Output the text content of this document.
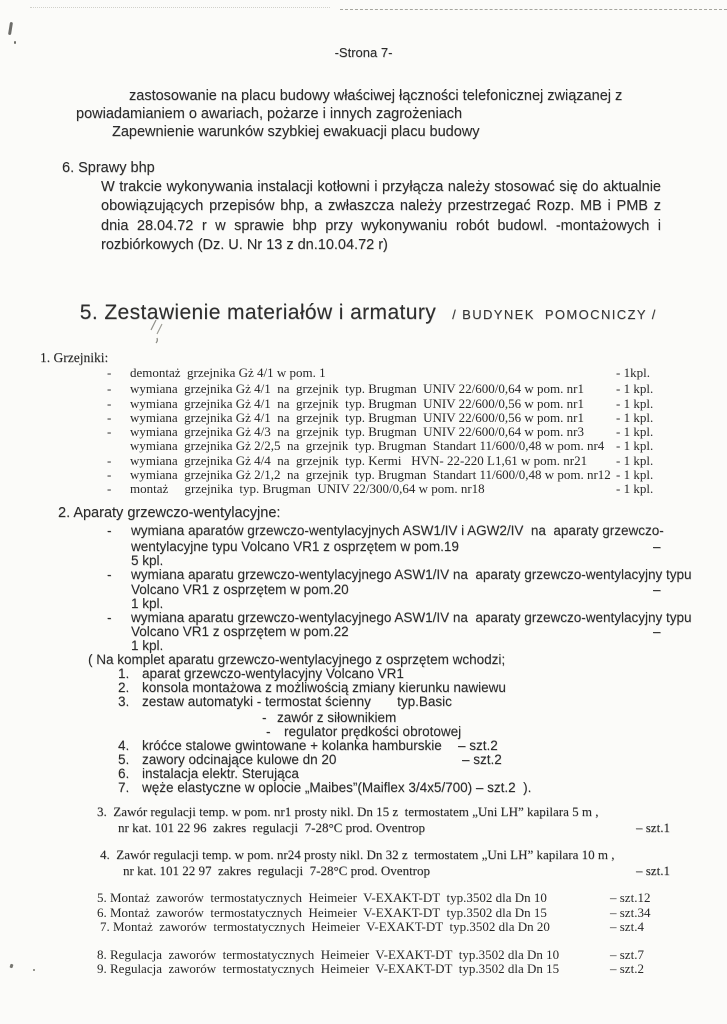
-Strona 7-
zastosowanie na placu budowy właściwej łączności telefonicznej związanej z
powiadamianiem o awariach, pożarze i innych zagrożeniach
Zapewnienie warunków szybkiej ewakuacji placu budowy
6. Sprawy bhp
W trakcie wykonywania instalacji kotłowni i przyłącza należy stosować się do aktualnie obowiązujących przepisów bhp, a zwłaszcza należy przestrzegać Rozp. MB i PMB z dnia 28.04.72 r w sprawie bhp przy wykonywaniu robót budowl. -montażowych i rozbiórkowych (Dz. U. Nr 13 z dn.10.04.72 r)

5. Zestawienie materiałów i armatury / BUDYNEK  POMOCNICZY /

1. Grzejniki:
- demontaż  grzejnika Gż 4/1 w pom. 1	- 1kpl.
- wymiana  grzejnika Gż 4/1  na  grzejnik  typ. Brugman  UNIV 22/600/0,64 w pom. nr1 - 1 kpl.
- wymiana  grzejnika Gż 4/1  na  grzejnik  typ. Brugman  UNIV 22/600/0,56 w pom. nr1 - 1 kpl.
- wymiana  grzejnika Gż 4/1  na  grzejnik  typ. Brugman  UNIV 22/600/0,56 w pom. nr1 - 1 kpl.
- wymiana  grzejnika Gż 4/3  na  grzejnik  typ. Brugman  UNIV 22/600/0,64 w pom. nr3 - 1 kpl.
wymiana  grzejnika Gż 2/2,5  na  grzejnik  typ. Brugman  Standart 11/600/0,48 w pom. nr4 - 1 kpl.
- wymiana  grzejnika Gż 4/4  na  grzejnik  typ. Kermi   HVN- 22-220 L1,61 w pom. nr21 - 1 kpl.
- wymiana  grzejnika Gż 2/1,2  na  grzejnik  typ. Brugman  Standart 11/600/0,48 w pom. nr12 - 1 kpl.
- montaż     grzejnika  typ. Brugman  UNIV 22/300/0,64 w pom. nr18	- 1 kpl.
2. Aparaty grzewczo-wentylacyjne:
- wymiana aparatów grzewczo-wentylacyjnych ASW1/IV i AGW2/IV  na  aparaty grzewczo-
wentylacyjne typu Volcano VR1 z osprzętem w pom.19	–
5 kpl.
- wymiana aparatu grzewczo-wentylacyjnego ASW1/IV na  aparaty grzewczo-wentylacyjny typu
Volcano VR1 z osprzętem w pom.20	–
1 kpl.
- wymiana aparatu grzewczo-wentylacyjnego ASW1/IV na  aparaty grzewczo-wentylacyjny typu
Volcano VR1 z osprzętem w pom.22	–
1 kpl.
( Na komplet aparatu grzewczo-wentylacyjnego z osprzętem wchodzi;
1. aparat grzewczo-wentylacyjny Volcano VR1
2. konsola montażowa z możliwością zmiany kierunku nawiewu
3. zestaw automatyki - termostat ścienny       typ.Basic
- zawór z siłownikiem
- regulator prędkości obrotowej
4. króćce stalowe gwintowane + kolanka hamburskie – szt.2
5. zawory odcinające kulowe dn 20	– szt.2
6. instalacja elektr. Sterująca
7. węże elastyczne w oplocie „Maibes”(Maiflex 3/4x5/700) – szt.2  ).
3.  Zawór regulacji temp. w pom. nr1 prosty nikl. Dn 15 z  termostatem „Uni LH” kapilara 5 m ,
nr kat. 101 22 96  zakres  regulacji  7-28°C prod. Oventrop	– szt.1
4.  Zawór regulacji temp. w pom. nr24 prosty nikl. Dn 32 z  termostatem „Uni LH” kapilara 10 m ,
nr kat. 101 22 97  zakres  regulacji  7-28°C prod. Oventrop	– szt.1
5. Montaż  zaworów  termostatycznych  Heimeier  V-EXAKT-DT  typ.3502 dla Dn 10	– szt.12
6. Montaż  zaworów  termostatycznych  Heimeier  V-EXAKT-DT  typ.3502 dla Dn 15	– szt.34
7. Montaż  zaworów  termostatycznych  Heimeier  V-EXAKT-DT  typ.3502 dla Dn 20	– szt.4
8. Regulacja  zaworów  termostatycznych  Heimeier  V-EXAKT-DT  typ.3502 dla Dn 10	– szt.7
9. Regulacja  zaworów  termostatycznych  Heimeier  V-EXAKT-DT  typ.3502 dla Dn 15	– szt.2
